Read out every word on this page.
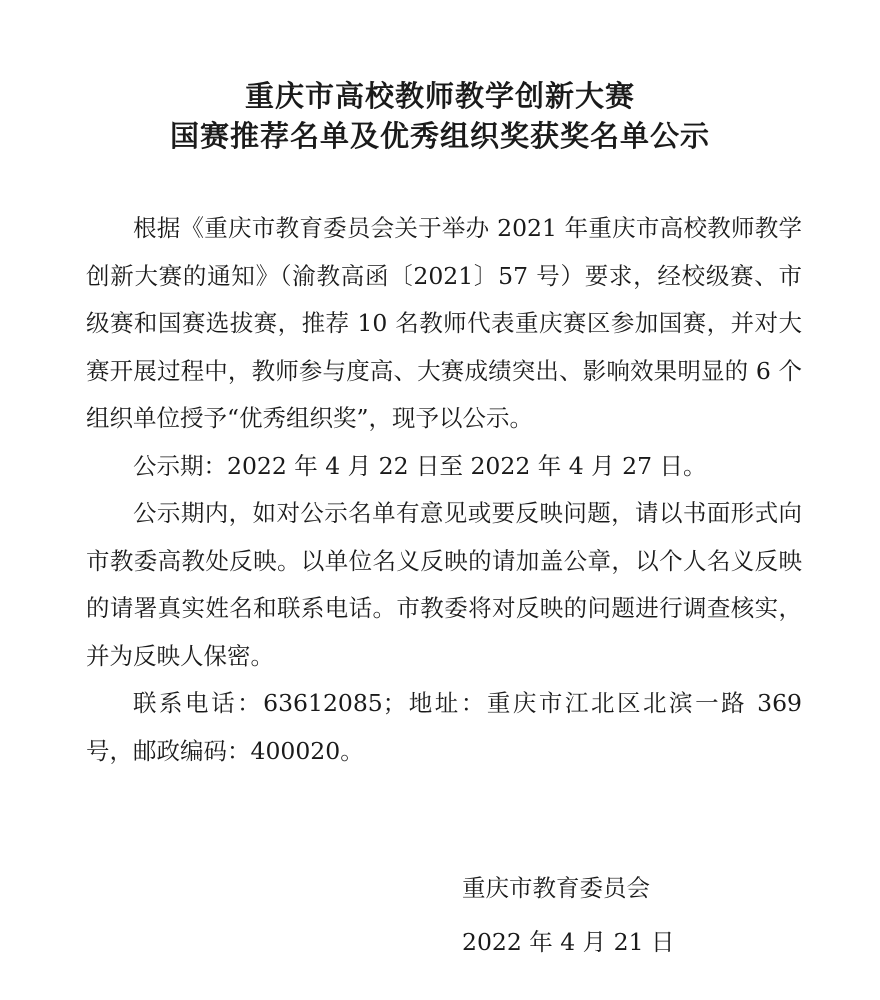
重庆市高校教师教学创新大赛
国赛推荐名单及优秀组织奖获奖名单公示

根据《重庆市教育委员会关于举办 2021 年重庆市高校教师教学创新大赛的通知》（渝教高函〔2021〕57 号）要求，经校级赛、市级赛和国赛选拔赛，推荐 10 名教师代表重庆赛区参加国赛，并对大赛开展过程中，教师参与度高、大赛成绩突出、影响效果明显的 6 个组织单位授予“优秀组织奖”，现予以公示。

公示期：2022 年 4 月 22 日至 2022 年 4 月 27 日。

公示期内，如对公示名单有意见或要反映问题，请以书面形式向市教委高教处反映。以单位名义反映的请加盖公章，以个人名义反映的请署真实姓名和联系电话。市教委将对反映的问题进行调查核实，并为反映人保密。

联系电话：63612085；地址：重庆市江北区北滨一路 369 号，邮政编码：400020。

重庆市教育委员会
2022 年 4 月 21 日
